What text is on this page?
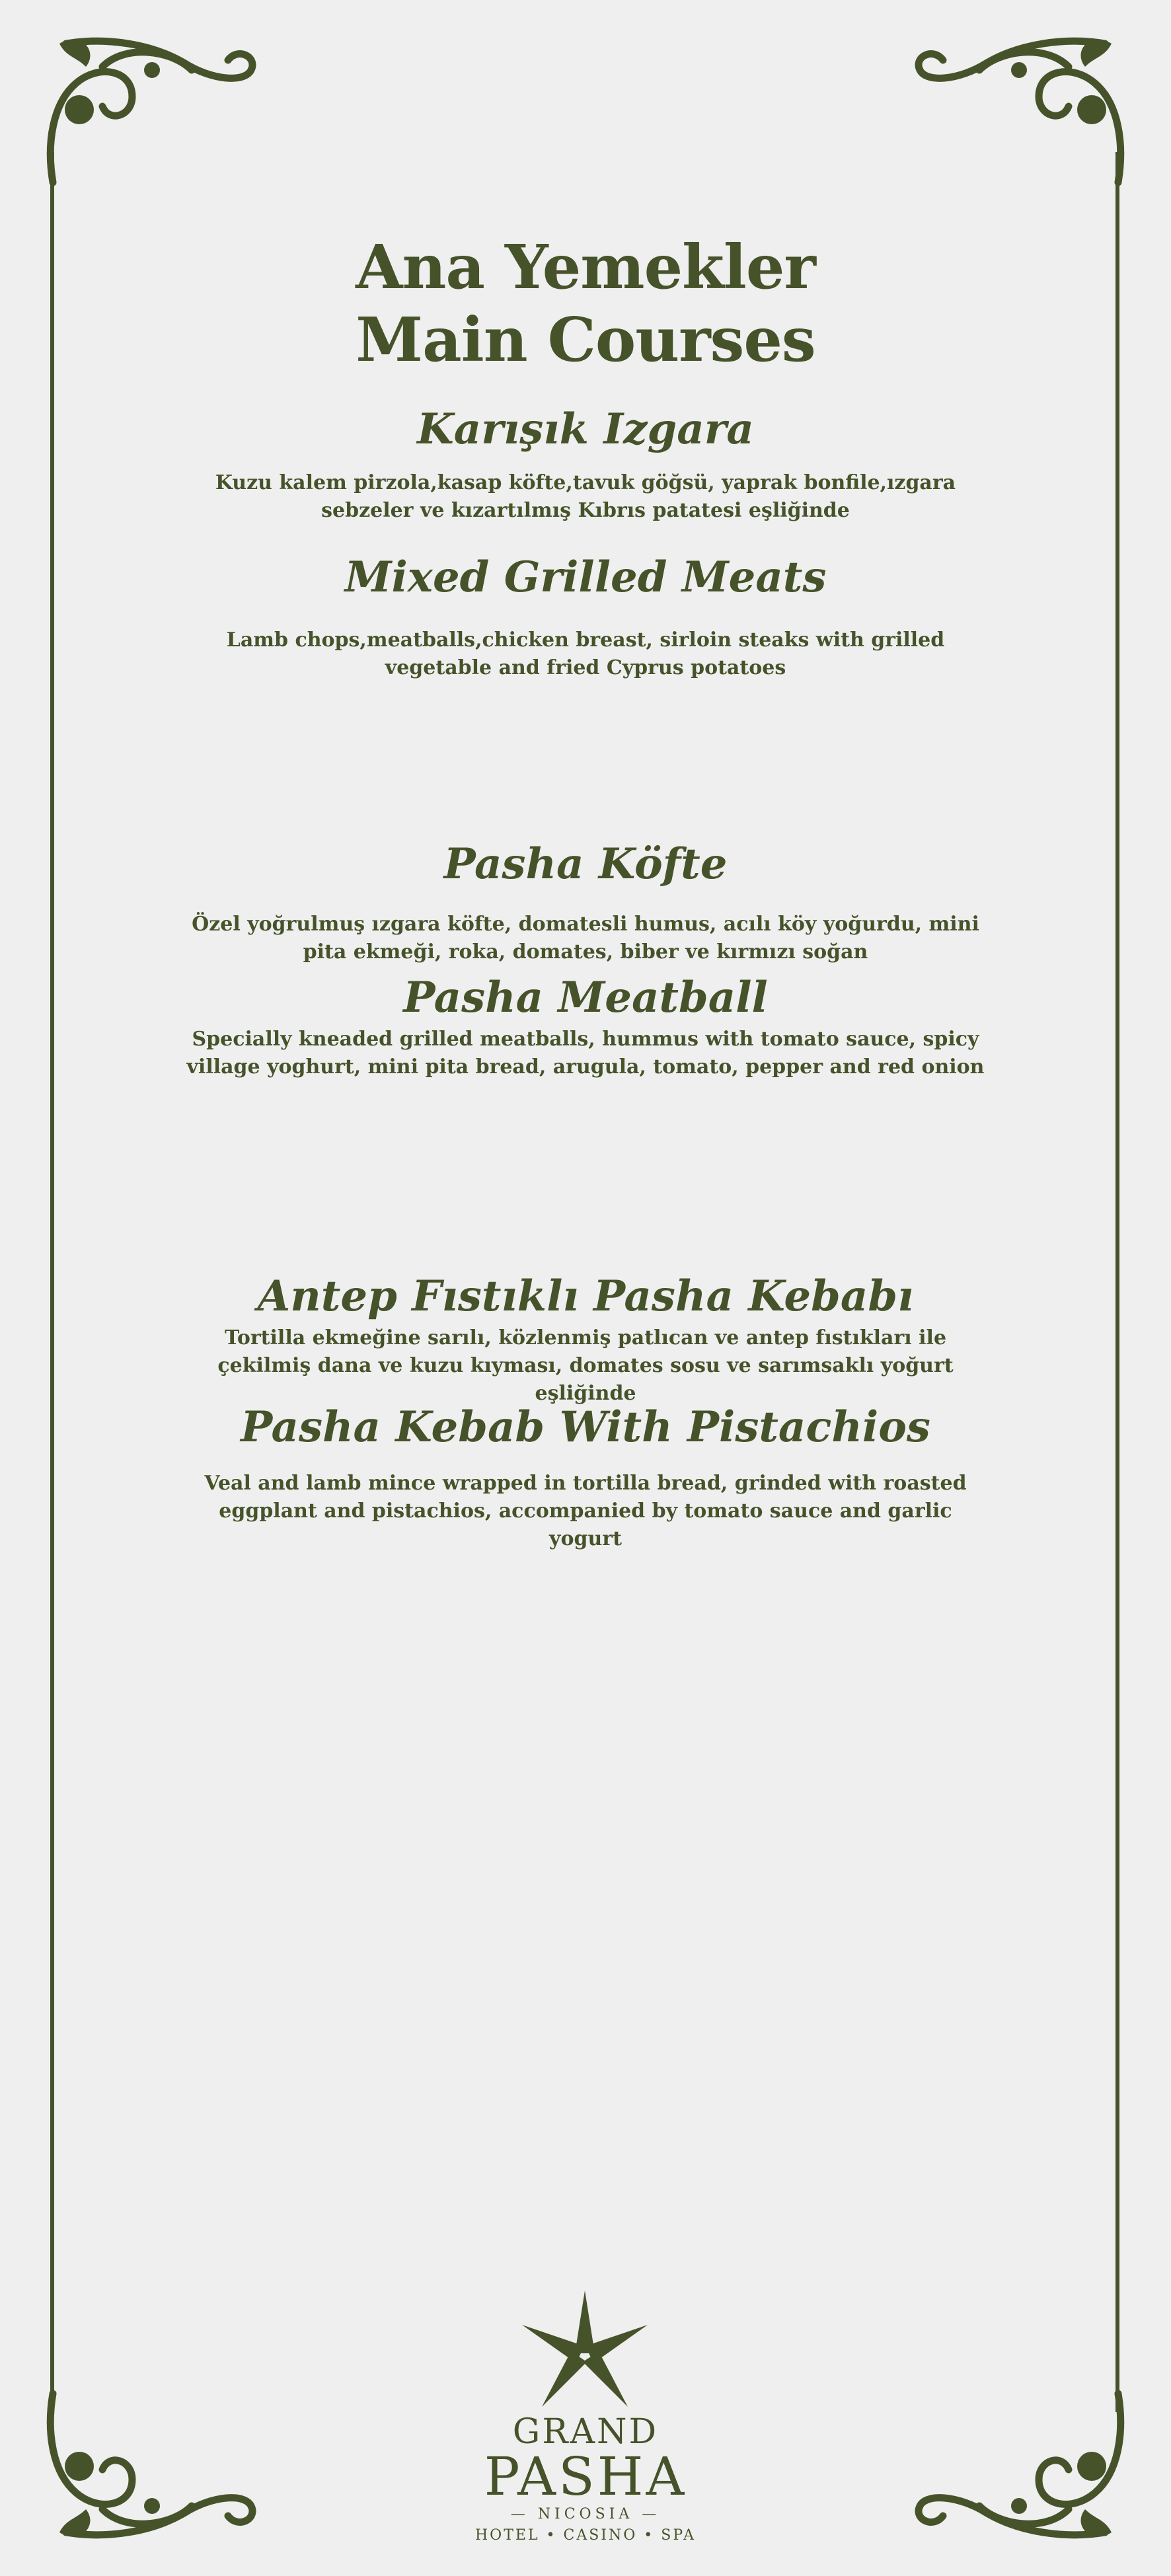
Ana Yemekler
Main Courses
Karışık Izgara
Kuzu kalem pirzola,kasap köfte,tavuk göğsü, yaprak bonfile,ızgara sebzeler ve kızartılmış Kıbrıs patatesi eşliğinde
Mixed Grilled Meats
Lamb chops,meatballs,chicken breast, sirloin steaks with grilled vegetable and fried Cyprus potatoes
Pasha Köfte
Özel yoğrulmuş ızgara köfte, domatesli humus, acılı köy yoğurdu, mini pita ekmeği, roka, domates, biber ve kırmızı soğan
Pasha Meatball
Specially kneaded grilled meatballs, hummus with tomato sauce, spicy village yoghurt, mini pita bread, arugula, tomato, pepper and red onion
Antep Fıstıklı Pasha Kebabı
Tortilla ekmeğine sarılı, közlenmiş patlıcan ve antep fıstıkları ile çekilmiş dana ve kuzu kıyması, domates sosu ve sarımsaklı yoğurt eşliğinde
Pasha Kebab With Pistachios
Veal and lamb mince wrapped in tortilla bread, grinded with roasted eggplant and pistachios, accompanied by tomato sauce and garlic yogurt
GRAND
PASHA
— NICOSIA —
HOTEL • CASINO • SPA
